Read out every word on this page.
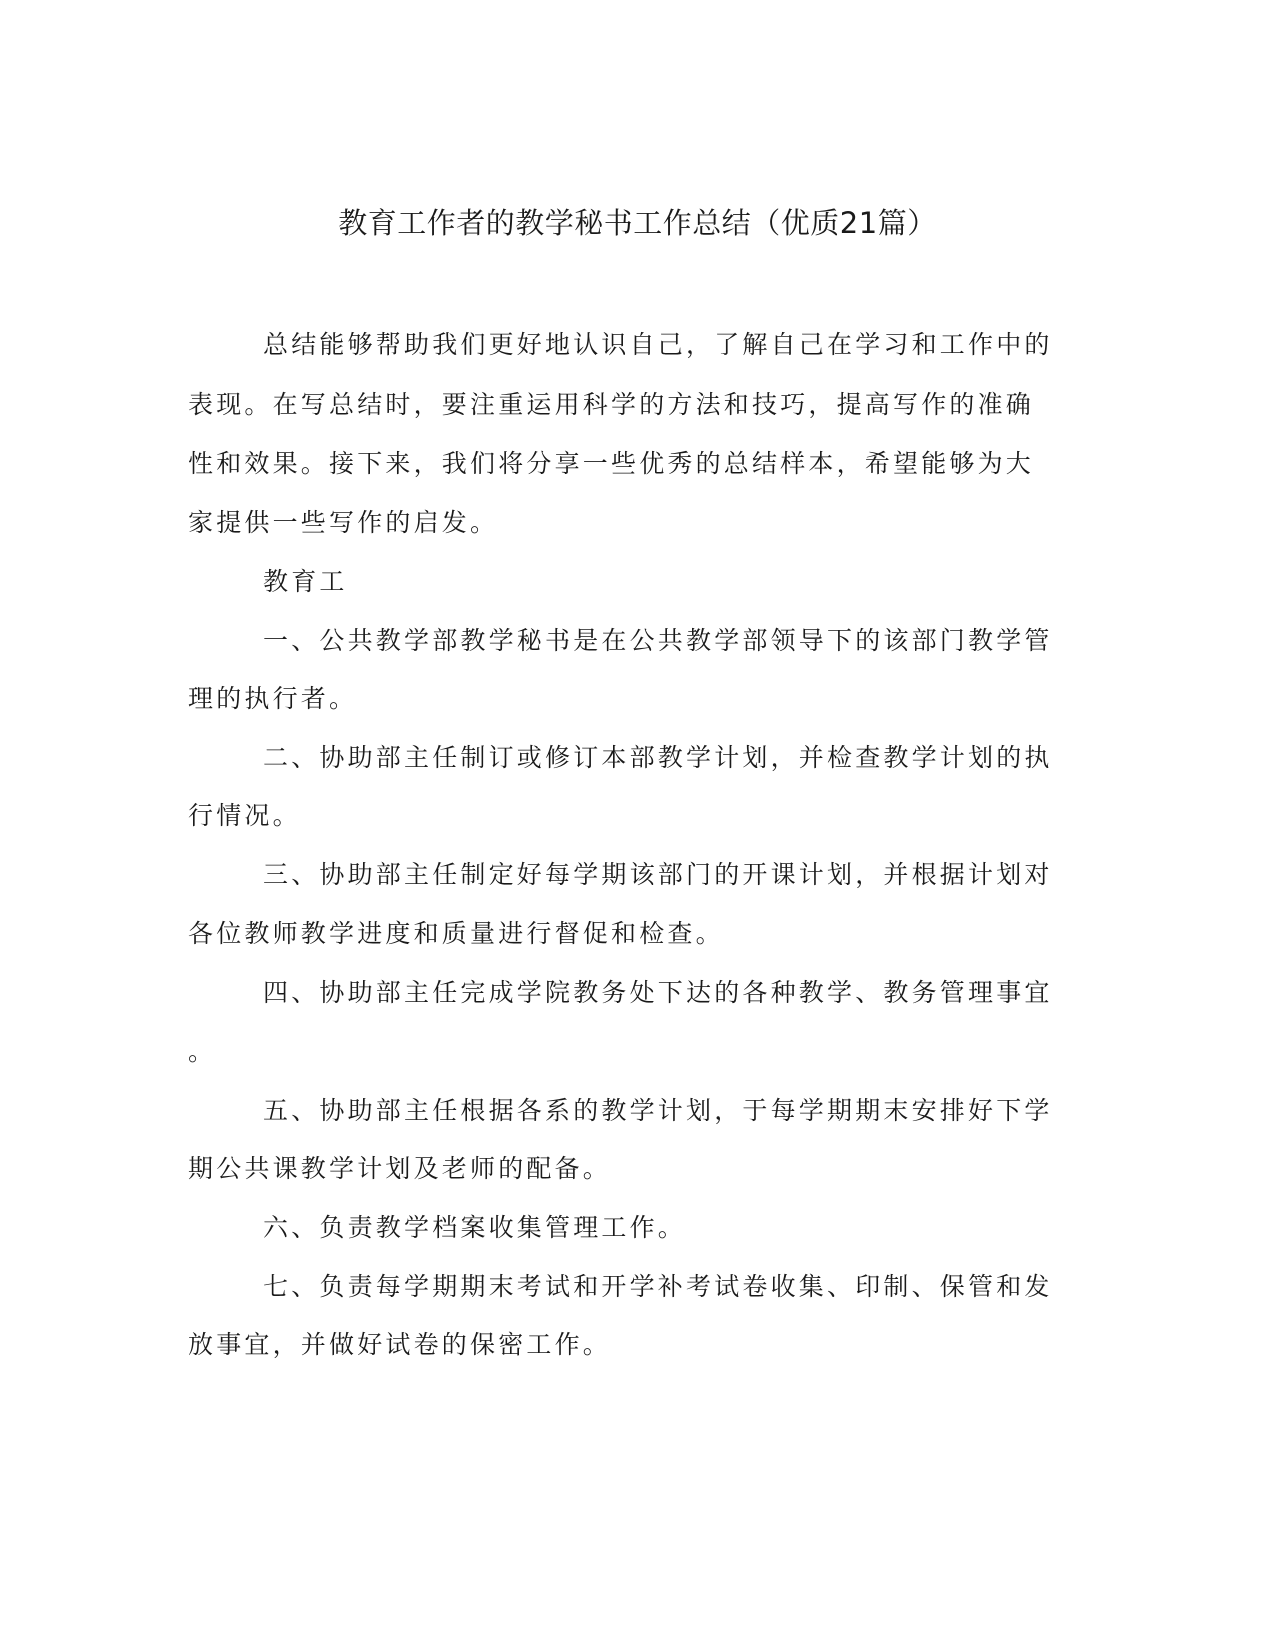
教育工作者的教学秘书工作总结（优质21篇）
总结能够帮助我们更好地认识自己，了解自己在学习和工作中的
表现。在写总结时，要注重运用科学的方法和技巧，提高写作的准确
性和效果。接下来，我们将分享一些优秀的总结样本，希望能够为大
家提供一些写作的启发。
教育工
一、公共教学部教学秘书是在公共教学部领导下的该部门教学管
理的执行者。
二、协助部主任制订或修订本部教学计划，并检查教学计划的执
行情况。
三、协助部主任制定好每学期该部门的开课计划，并根据计划对
各位教师教学进度和质量进行督促和检查。
四、协助部主任完成学院教务处下达的各种教学、教务管理事宜
。
五、协助部主任根据各系的教学计划，于每学期期末安排好下学
期公共课教学计划及老师的配备。
六、负责教学档案收集管理工作。
七、负责每学期期末考试和开学补考试卷收集、印制、保管和发
放事宜，并做好试卷的保密工作。
